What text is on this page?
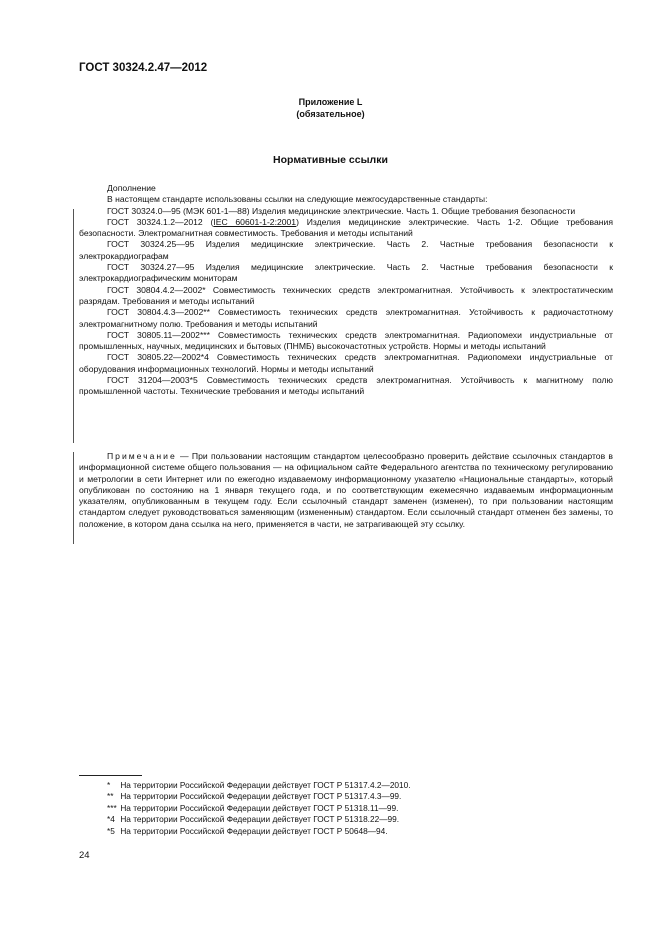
ГОСТ 30324.2.47—2012
Приложение L
(обязательное)
Нормативные ссылки

Дополнение

В настоящем стандарте использованы ссылки на следующие межгосударственные стандарты:

ГОСТ 30324.0—95 (МЭК 601-1—88) Изделия медицинские электрические. Часть 1. Общие требования безопасности

ГОСТ 30324.1.2—2012 (IEC 60601-1-2:2001) Изделия медицинские электрические. Часть 1-2. Общие требования безопасности. Электромагнитная совместимость. Требования и методы испытаний

ГОСТ 30324.25—95 Изделия медицинские электрические. Часть 2. Частные требования безопасности к электрокардиографам

ГОСТ 30324.27—95 Изделия медицинские электрические. Часть 2. Частные требования безопасности к электрокардиографическим мониторам

ГОСТ 30804.4.2—2002* Совместимость технических средств электромагнитная. Устойчивость к электростатическим разрядам. Требования и методы испытаний

ГОСТ 30804.4.3—2002** Совместимость технических средств электромагнитная. Устойчивость к радиочастотному электромагнитному полю. Требования и методы испытаний

ГОСТ 30805.11—2002*** Совместимость технических средств электромагнитная. Радиопомехи индустриальные от промышленных, научных, медицинских и бытовых (ПНМБ) высокочастотных устройств. Нормы и методы испытаний

ГОСТ 30805.22—2002*4 Совместимость технических средств электромагнитная. Радиопомехи индустриальные от оборудования информационных технологий. Нормы и методы испытаний

ГОСТ 31204—2003*5 Совместимость технических средств электромагнитная. Устойчивость к магнитному полю промышленной частоты. Технические требования и методы испытаний

Примечание — При пользовании настоящим стандартом целесообразно проверить действие ссылочных стандартов в информационной системе общего пользования — на официальном сайте Федерального агентства по техническому регулированию и метрологии в сети Интернет или по ежегодно издаваемому информационному указателю «Национальные стандарты», который опубликован по состоянию на 1 января текущего года, и по соответствующим ежемесячно издаваемым информационным указателям, опубликованным в текущем году. Если ссылочный стандарт заменен (изменен), то при пользовании настоящим стандартом следует руководствоваться заменяющим (измененным) стандартом. Если ссылочный стандарт отменен без замены, то положение, в котором дана ссылка на него, применяется в части, не затрагивающей эту ссылку.

* На территории Российской Федерации действует ГОСТ Р 51317.4.2—2010.
** На территории Российской Федерации действует ГОСТ Р 51317.4.3—99.
*** На территории Российской Федерации действует ГОСТ Р 51318.11—99.
*4 На территории Российской Федерации действует ГОСТ Р 51318.22—99.
*5 На территории Российской Федерации действует ГОСТ Р 50648—94.
24
